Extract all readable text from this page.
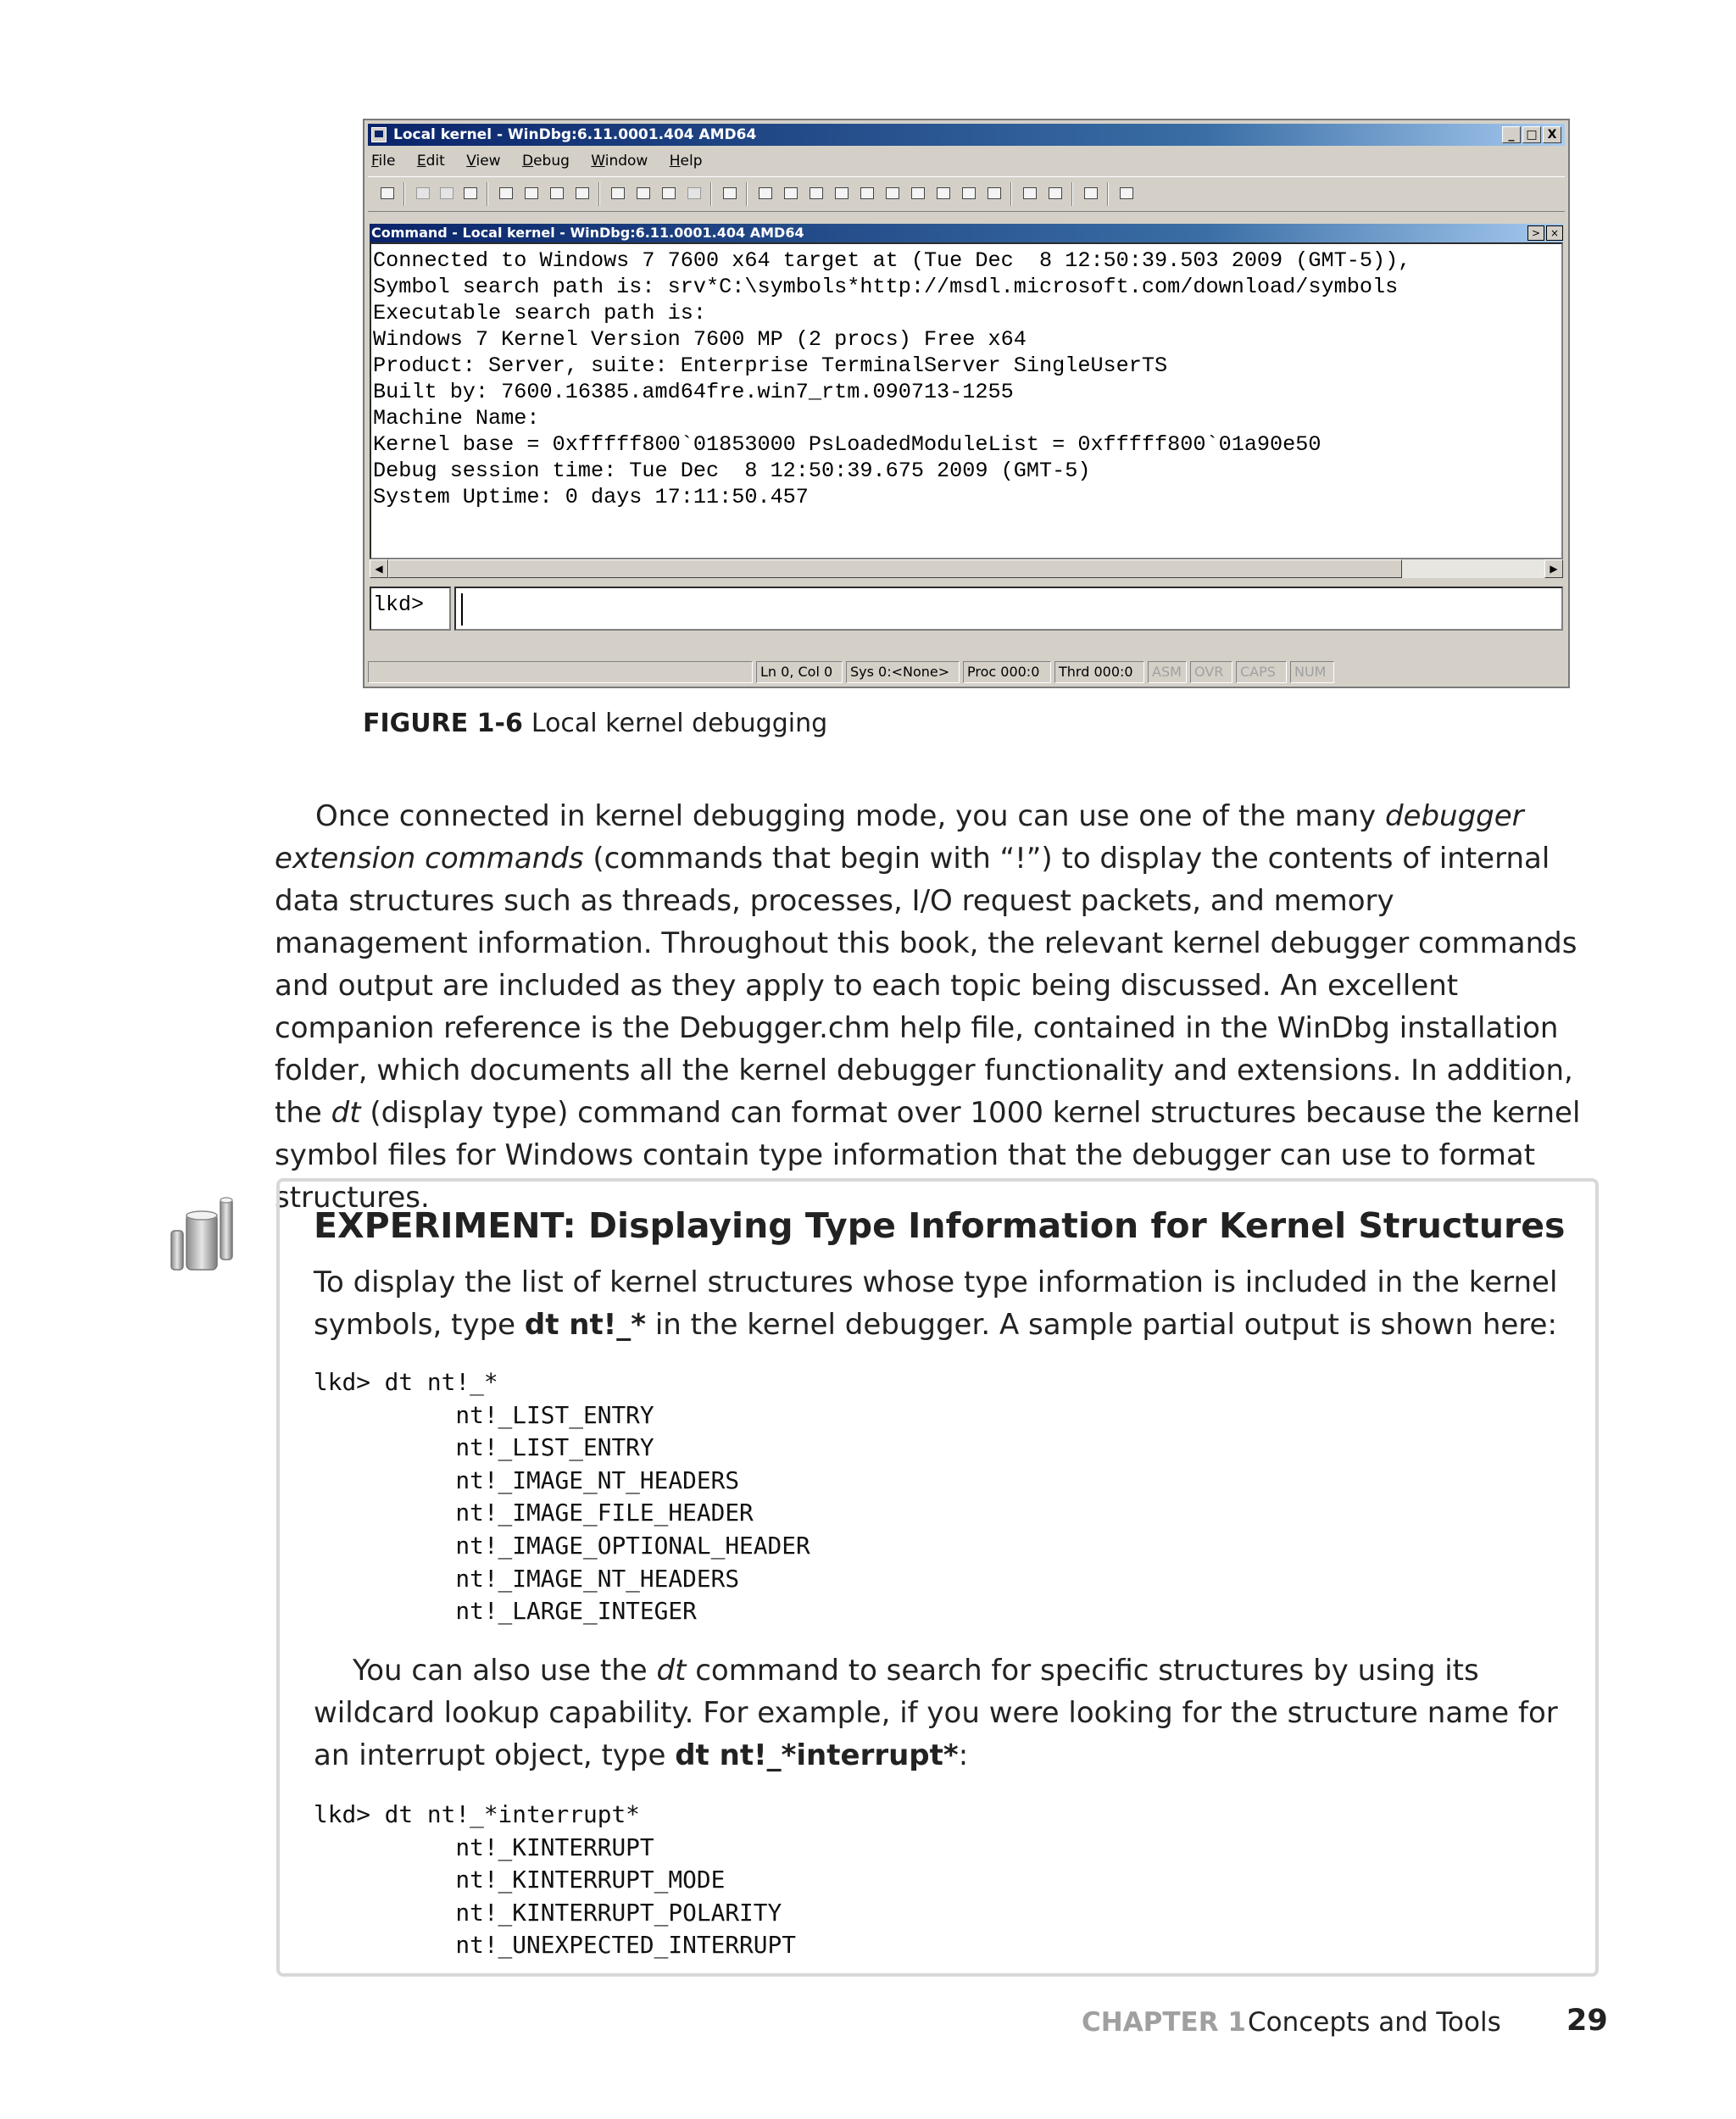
Local kernel - WinDbg:6.11.0001.404 AMD64	_ □ X
File Edit View Debug Window Help
Command - Local kernel - WinDbg:6.11.0001.404 AMD64	> ×
Connected to Windows 7 7600 x64 target at (Tue Dec  8 12:50:39.503 2009 (GMT-5)),
Symbol search path is: srv*C:\symbols*http://msdl.microsoft.com/download/symbols
Executable search path is:
Windows 7 Kernel Version 7600 MP (2 procs) Free x64
Product: Server, suite: Enterprise TerminalServer SingleUserTS
Built by: 7600.16385.amd64fre.win7_rtm.090713-1255
Machine Name:
Kernel base = 0xfffff800`01853000 PsLoadedModuleList = 0xfffff800`01a90e50
Debug session time: Tue Dec  8 12:50:39.675 2009 (GMT-5)
System Uptime: 0 days 17:11:50.457
◀	▶
lkd>
Ln 0, Col 0	Sys 0:<None>	Proc 000:0	Thrd 000:0	ASM OVR	CAPS	NUM
FIGURE 1-6 Local kernel debugging
Once connected in kernel debugging mode, you can use one of the many debugger extension commands (commands that begin with “!”) to display the contents of internal data structures such as threads, processes, I/O request packets, and memory management information. Throughout this book, the relevant kernel debugger commands and output are included as they apply to each topic being discussed. An excellent companion reference is the Debugger.chm help file, contained in the WinDbg installation folder, which documents all the kernel debugger functionality and extensions. In addition, the dt (display type) command can format over 1000 kernel structures because the kernel symbol files for Windows contain type information that the debugger can use to format structures.
EXPERIMENT: Displaying Type Information for Kernel Structures
To display the list of kernel structures whose type information is included in the kernel symbols, type dt nt!_* in the kernel debugger. A sample partial output is shown here:
lkd> dt nt!_*
nt!_LIST_ENTRY
nt!_LIST_ENTRY
nt!_IMAGE_NT_HEADERS
nt!_IMAGE_FILE_HEADER
nt!_IMAGE_OPTIONAL_HEADER
nt!_IMAGE_NT_HEADERS
nt!_LARGE_INTEGER
You can also use the dt command to search for specific structures by using its wildcard lookup capability. For example, if you were looking for the structure name for an interrupt object, type dt nt!_*interrupt*:
lkd> dt nt!_*interrupt*
nt!_KINTERRUPT
nt!_KINTERRUPT_MODE
nt!_KINTERRUPT_POLARITY
nt!_UNEXPECTED_INTERRUPT
CHAPTER 1 Concepts and Tools 29
